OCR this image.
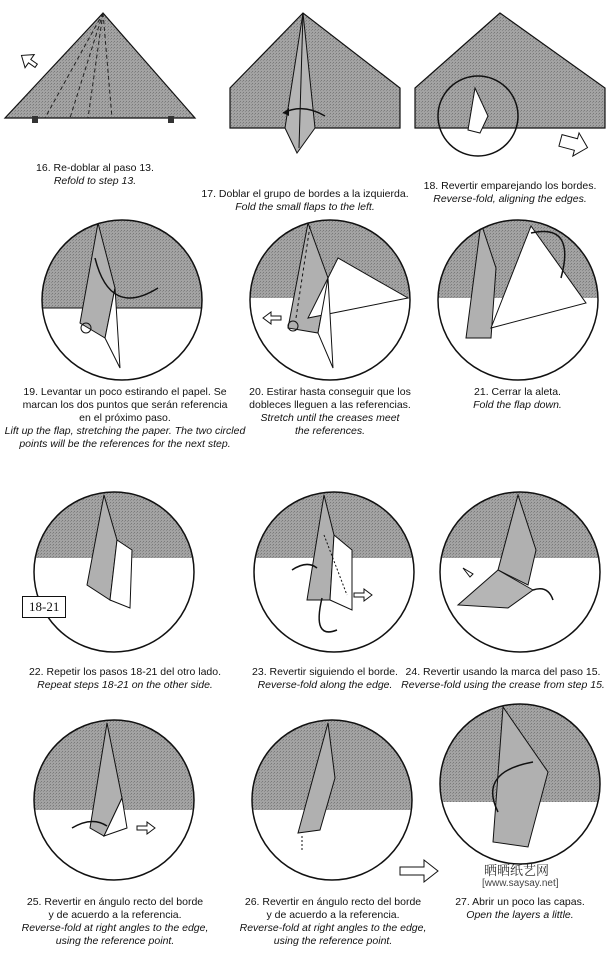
16. Re-doblar al paso 13.
Refold to step 13.
17. Doblar el grupo de bordes a la izquierda.
Fold the small flaps to the left.
18. Revertir emparejando los bordes.
Reverse-fold, aligning the edges.
19. Levantar un poco estirando el papel. Se
marcan los dos puntos que serán referencia
en el próximo paso.
Lift up the flap, stretching the paper. The two circled
points will be the references for the next step.
20. Estirar hasta conseguir que los
dobleces lleguen a las referencias.
Stretch until the creases meet
the references.
21. Cerrar la aleta.
Fold the flap down.
18-21
22. Repetir los pasos 18-21 del otro lado.
Repeat steps 18-21 on the other side.
23. Revertir siguiendo el borde.
Reverse-fold along the edge.
24. Revertir usando la marca del paso 15.
Reverse-fold using the crease from step 15.
25. Revertir en ángulo recto del borde
y de acuerdo a la referencia.
Reverse-fold at right angles to the edge,
using the reference point.
26. Revertir en ángulo recto del borde
y de acuerdo a la referencia.
Reverse-fold at right angles to the edge,
using the reference point.
27. Abrir un poco las capas.
Open the layers a little.
晒晒纸艺网
[www.saysay.net]
